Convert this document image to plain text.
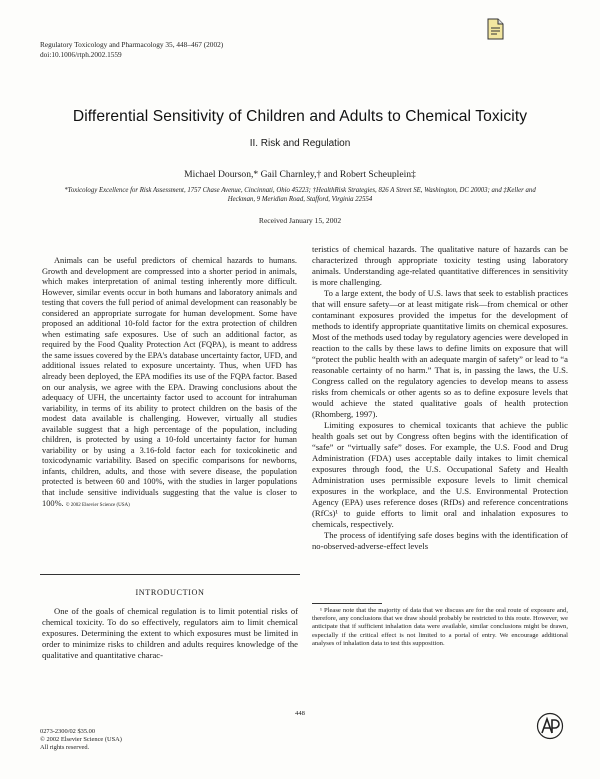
Regulatory Toxicology and Pharmacology 35, 448–467 (2002)
doi:10.1006/rtph.2002.1559
Differential Sensitivity of Children and Adults to Chemical Toxicity
II. Risk and Regulation
Michael Dourson,* Gail Charnley,† and Robert Scheuplein‡
*Toxicology Excellence for Risk Assessment, 1757 Chase Avenue, Cincinnati, Ohio 45223; †HealthRisk Strategies, 826 A Street SE, Washington, DC 20003; and ‡Keller and Heckman, 9 Meridian Road, Stafford, Virginia 22554
Received January 15, 2002

Animals can be useful predictors of chemical hazards to humans. Growth and development are compressed into a shorter period in animals, which makes interpretation of animal testing inherently more difficult. However, similar events occur in both humans and laboratory animals and testing that covers the full period of animal development can reasonably be considered an appropriate surrogate for human development. Some have proposed an additional 10-fold factor for the extra protection of children when estimating safe exposures. Use of such an additional factor, as required by the Food Quality Protection Act (FQPA), is meant to address the same issues covered by the EPA's database uncertainty factor, UFD, and additional issues related to exposure uncertainty. Thus, when UFD has already been deployed, the EPA modifies its use of the FQPA factor. Based on our analysis, we agree with the EPA. Drawing conclusions about the adequacy of UFH, the uncertainty factor used to account for intrahuman variability, in terms of its ability to protect children on the basis of the modest data available is challenging. However, virtually all studies available suggest that a high percentage of the population, including children, is protected by using a 10-fold uncertainty factor for human variability or by using a 3.16-fold factor each for toxicokinetic and toxicodynamic variability. Based on specific comparisons for newborns, infants, children, adults, and those with severe disease, the population protected is between 60 and 100%, with the studies in larger populations that include sensitive individuals suggesting that the value is closer to 100%. © 2002 Elsevier Science (USA)

INTRODUCTION

One of the goals of chemical regulation is to limit potential risks of chemical toxicity. To do so effectively, regulators aim to limit chemical exposures. Determining the extent to which exposures must be limited in order to minimize risks to children and adults requires knowledge of the qualitative and quantitative charac-

teristics of chemical hazards. The qualitative nature of hazards can be characterized through appropriate toxicity testing using laboratory animals. Understanding age-related quantitative differences in sensitivity is more challenging.

To a large extent, the body of U.S. laws that seek to establish practices that will ensure safety—or at least mitigate risk—from chemical or other contaminant exposures provided the impetus for the development of methods to identify appropriate quantitative limits on chemical exposures. Most of the methods used today by regulatory agencies were developed in reaction to the calls by these laws to define limits on exposure that will “protect the public health with an adequate margin of safety” or lead to “a reasonable certainty of no harm.” That is, in passing the laws, the U.S. Congress called on the regulatory agencies to develop means to assess risks from chemicals or other agents so as to define exposure levels that would achieve the stated qualitative goals of health protection (Rhomberg, 1997).

Limiting exposures to chemical toxicants that achieve the public health goals set out by Congress often begins with the identification of “safe” or “virtually safe” doses. For example, the U.S. Food and Drug Administration (FDA) uses acceptable daily intakes to limit chemical exposures through food, the U.S. Occupational Safety and Health Administration uses permissible exposure levels to limit chemical exposures in the workplace, and the U.S. Environmental Protection Agency (EPA) uses reference doses (RfDs) and reference concentrations (RfCs)¹ to guide efforts to limit oral and inhalation exposures to chemicals, respectively.

The process of identifying safe doses begins with the identification of no-observed-adverse-effect levels

¹ Please note that the majority of data that we discuss are for the oral route of exposure and, therefore, any conclusions that we draw should probably be restricted to this route. However, we anticipate that if sufficient inhalation data were available, similar conclusions might be drawn, especially if the critical effect is not limited to a portal of entry. We encourage additional analyses of inhalation data to test this supposition.

448
0273-2300/02 $35.00
© 2002 Elsevier Science (USA)
All rights reserved.
